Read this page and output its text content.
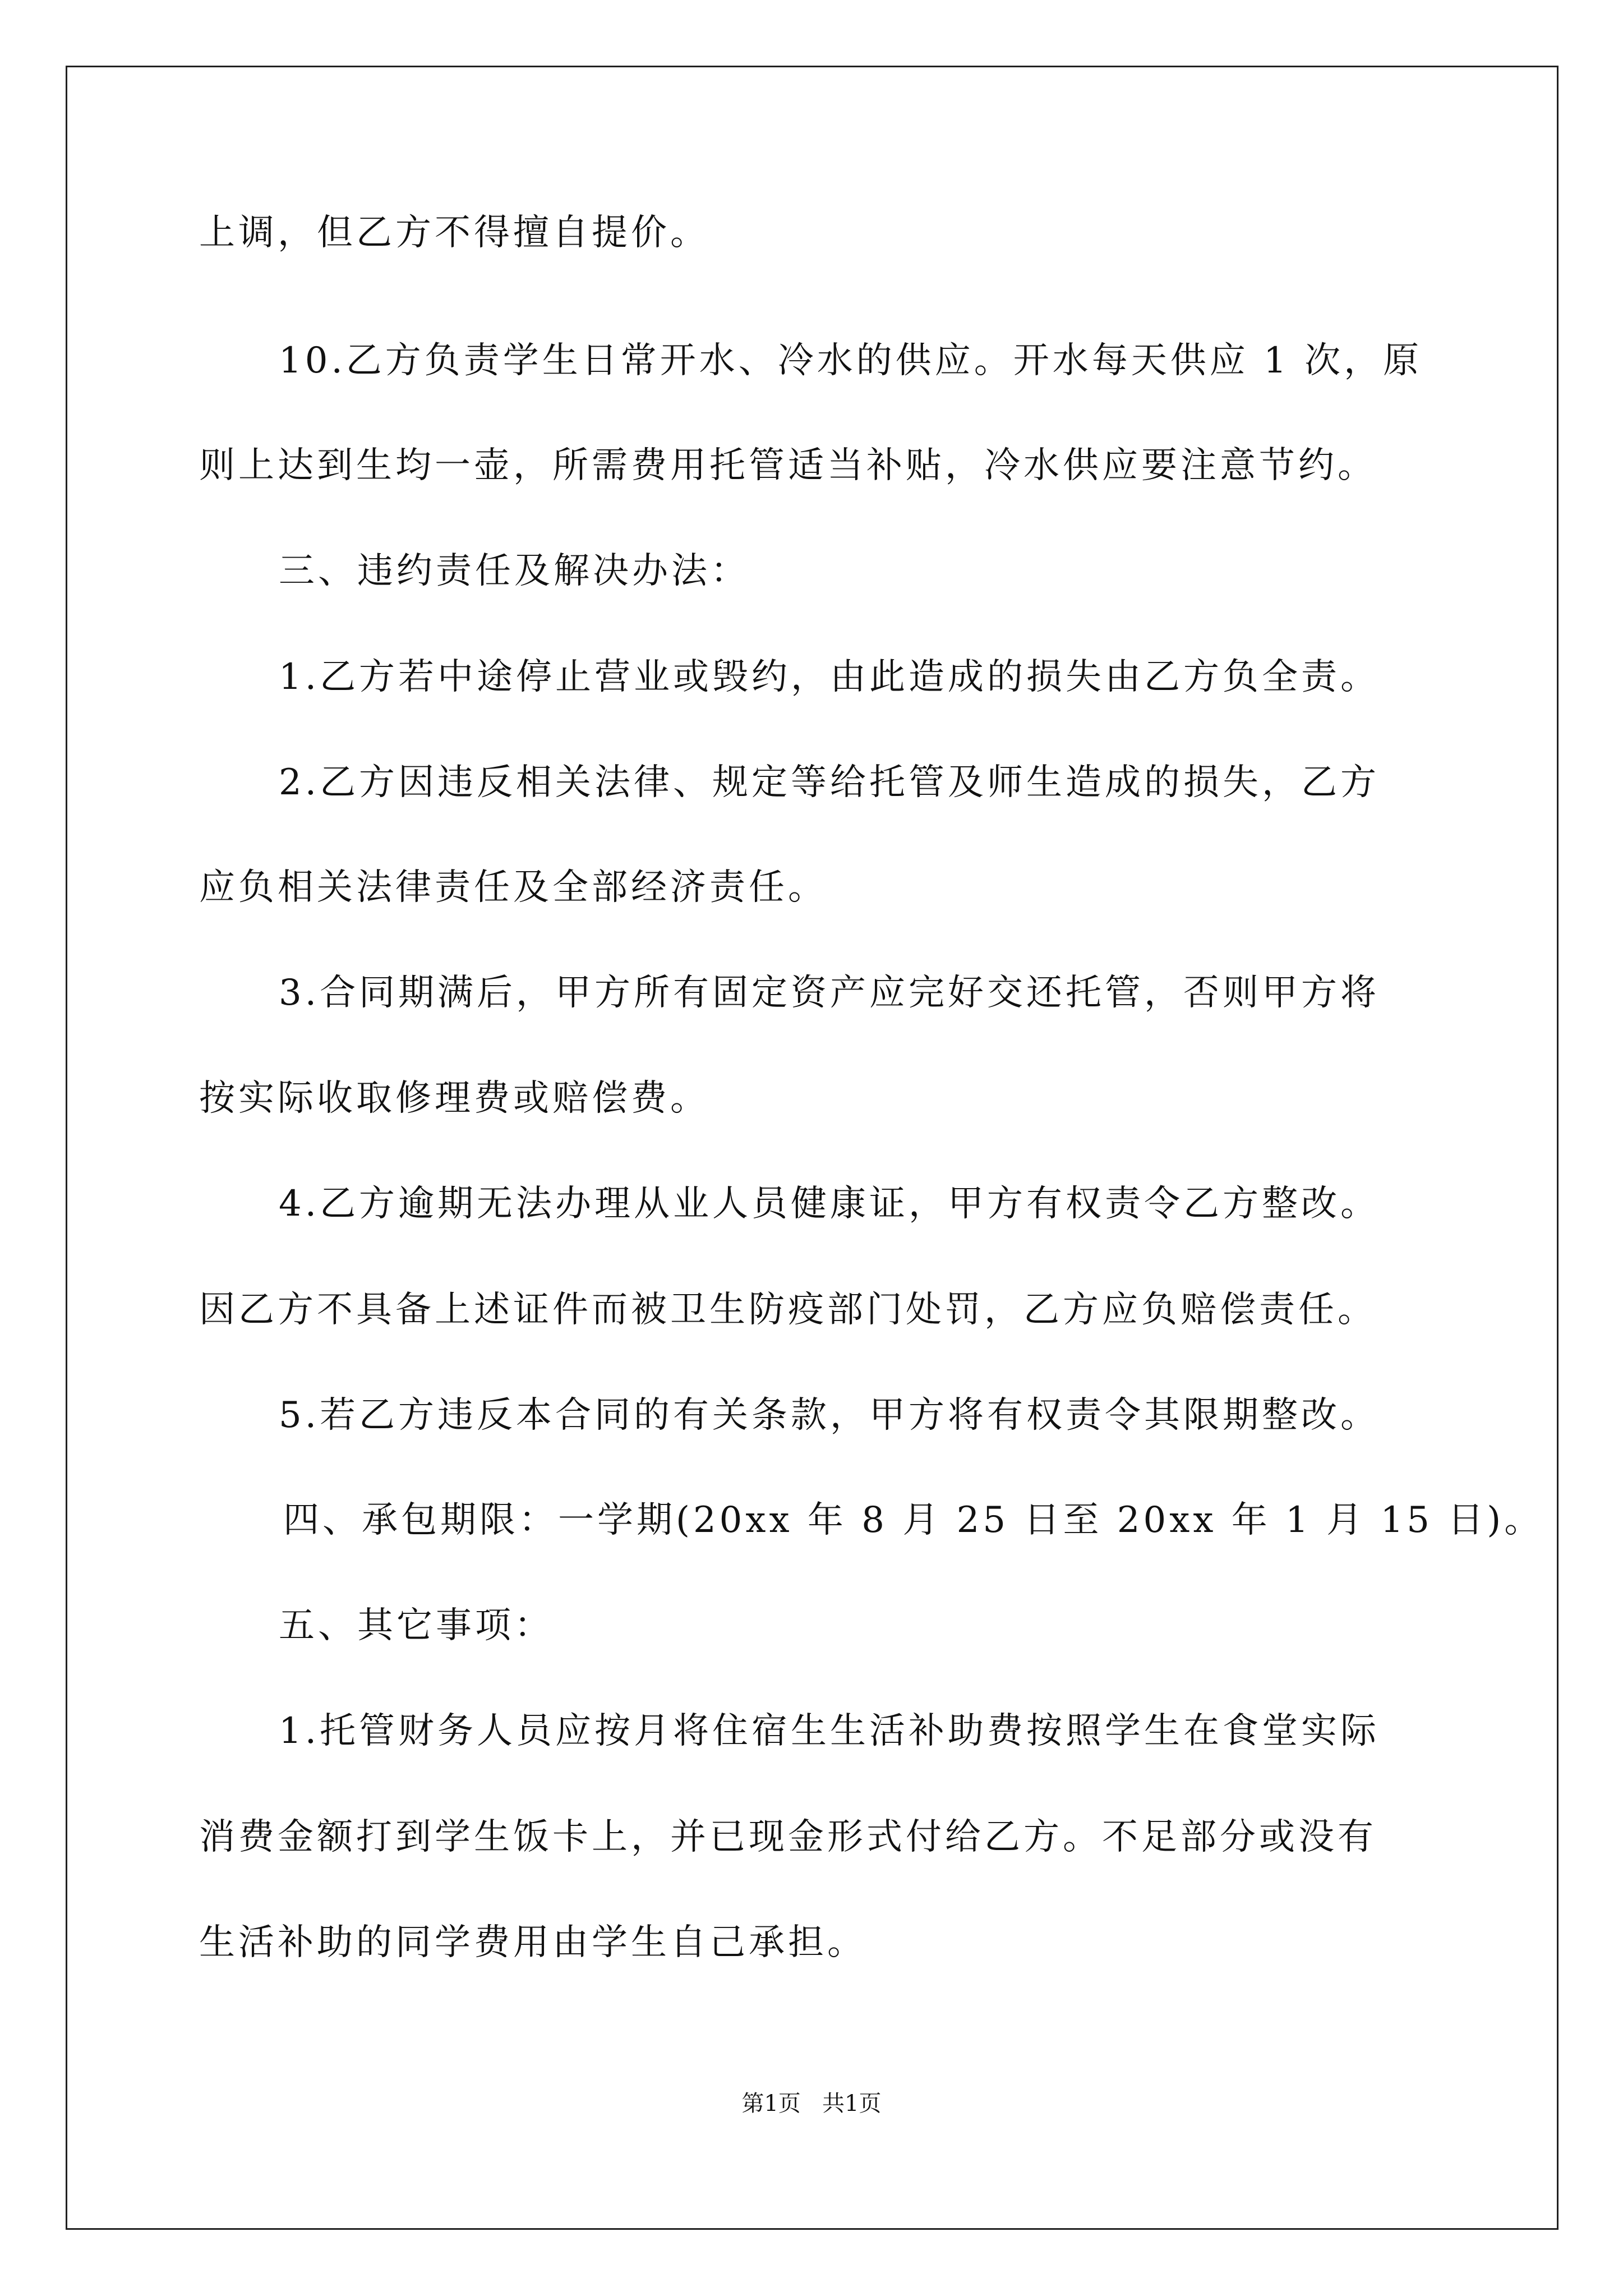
上调，但乙方不得擅自提价。
10.乙方负责学生日常开水、冷水的供应。开水每天供应 1 次，原
则上达到生均一壶，所需费用托管适当补贴，冷水供应要注意节约。
三、违约责任及解决办法：
1.乙方若中途停止营业或毁约，由此造成的损失由乙方负全责。
2.乙方因违反相关法律、规定等给托管及师生造成的损失，乙方
应负相关法律责任及全部经济责任。
3.合同期满后，甲方所有固定资产应完好交还托管，否则甲方将
按实际收取修理费或赔偿费。
4.乙方逾期无法办理从业人员健康证，甲方有权责令乙方整改。
因乙方不具备上述证件而被卫生防疫部门处罚，乙方应负赔偿责任。
5.若乙方违反本合同的有关条款，甲方将有权责令其限期整改。
四、承包期限：一学期(20xx 年 8 月 25 日至 20xx 年 1 月 15 日)。
五、其它事项：
1.托管财务人员应按月将住宿生生活补助费按照学生在食堂实际
消费金额打到学生饭卡上，并已现金形式付给乙方。不足部分或没有
生活补助的同学费用由学生自己承担。
第1页   共1页
